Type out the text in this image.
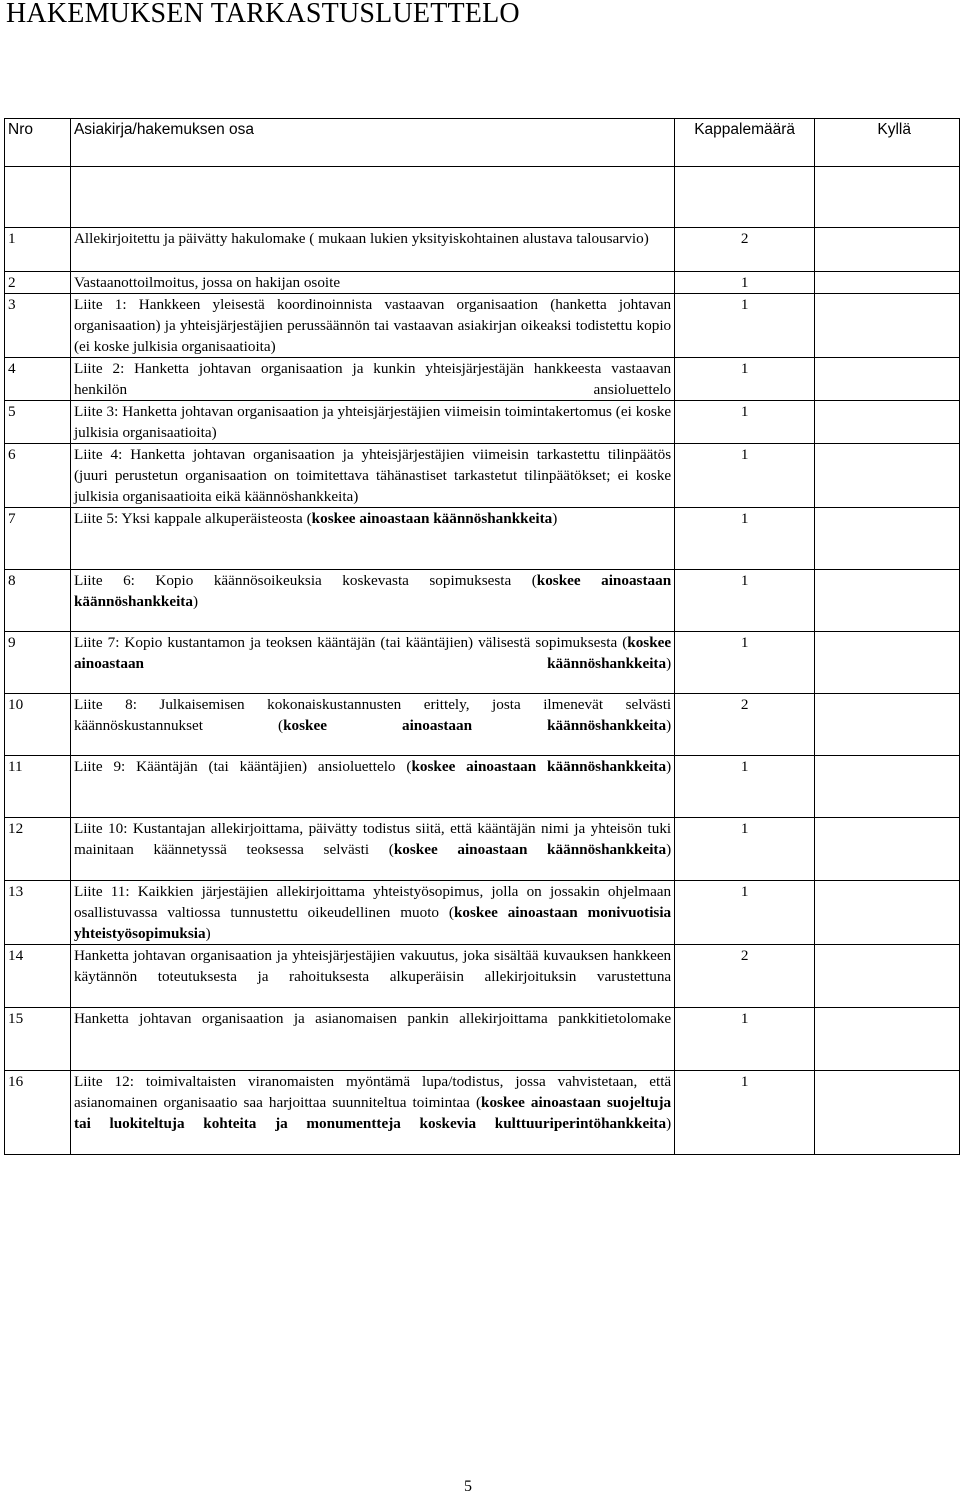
HAKEMUKSEN TARKASTUSLUETTELO
Nro	Asiakirja/hakemuksen osa	Kappalemäärä	Kyllä

1	Allekirjoitettu ja päivätty hakulomake ( mukaan lukien yksityiskohtainen alustava talousarvio)	2	
2	Vastaanottoilmoitus, jossa on hakijan osoite	1	
3	Liite 1: Hankkeen yleisestä koordinoinnista vastaavan organisaation (hanketta johtavan organisaation) ja yhteisjärjestäjien perussäännön tai vastaavan asiakirjan oikeaksi todistettu kopio (ei koske julkisia organisaatioita)	1	
4	Liite 2: Hanketta johtavan organisaation ja kunkin yhteisjärjestäjän hankkeesta vastaavan henkilön ansioluettelo	1	
5	Liite 3: Hanketta johtavan organisaation ja yhteisjärjestäjien viimeisin toimintakertomus (ei koske julkisia organisaatioita)	1	
6	Liite 4: Hanketta johtavan organisaation ja yhteisjärjestäjien viimeisin tarkastettu tilinpäätös (juuri perustetun organisaation on toimitettava tähänastiset tarkastetut tilinpäätökset; ei koske julkisia organisaatioita eikä käännöshankkeita)	1	
7	Liite 5: Yksi kappale alkuperäisteosta (koskee ainoastaan käännöshankkeita)	1	
8	Liite 6: Kopio käännösoikeuksia koskevasta sopimuksesta (koskee ainoastaan käännöshankkeita)	1	
9	Liite 7: Kopio kustantamon ja teoksen kääntäjän (tai kääntäjien) välisestä sopimuksesta (koskee ainoastaan käännöshankkeita)	1	
10	Liite 8: Julkaisemisen kokonaiskustannusten erittely, josta ilmenevät selvästi käännöskustannukset (koskee ainoastaan käännöshankkeita)	2	
11	Liite 9: Kääntäjän (tai kääntäjien) ansioluettelo (koskee ainoastaan käännöshankkeita)	1	
12	Liite 10: Kustantajan allekirjoittama, päivätty todistus siitä, että kääntäjän nimi ja yhteisön tuki mainitaan käännetyssä teoksessa selvästi (koskee ainoastaan käännöshankkeita)	1	
13	Liite 11: Kaikkien järjestäjien allekirjoittama yhteistyösopimus, jolla on jossakin ohjelmaan osallistuvassa valtiossa tunnustettu oikeudellinen muoto (koskee ainoastaan monivuotisia yhteistyösopimuksia)	1	
14	Hanketta johtavan organisaation ja yhteisjärjestäjien vakuutus, joka sisältää kuvauksen hankkeen käytännön toteutuksesta ja rahoituksesta alkuperäisin allekirjoituksin varustettuna	2	
15	Hanketta johtavan organisaation ja asianomaisen pankin allekirjoittama pankkitietolomake	1	
16	Liite 12: toimivaltaisten viranomaisten myöntämä lupa/todistus, jossa vahvistetaan, että asianomainen organisaatio saa harjoittaa suunniteltua toimintaa (koskee ainoastaan suojeltuja tai luokiteltuja kohteita ja monumentteja koskevia kulttuuriperintöhankkeita)	1	
5
